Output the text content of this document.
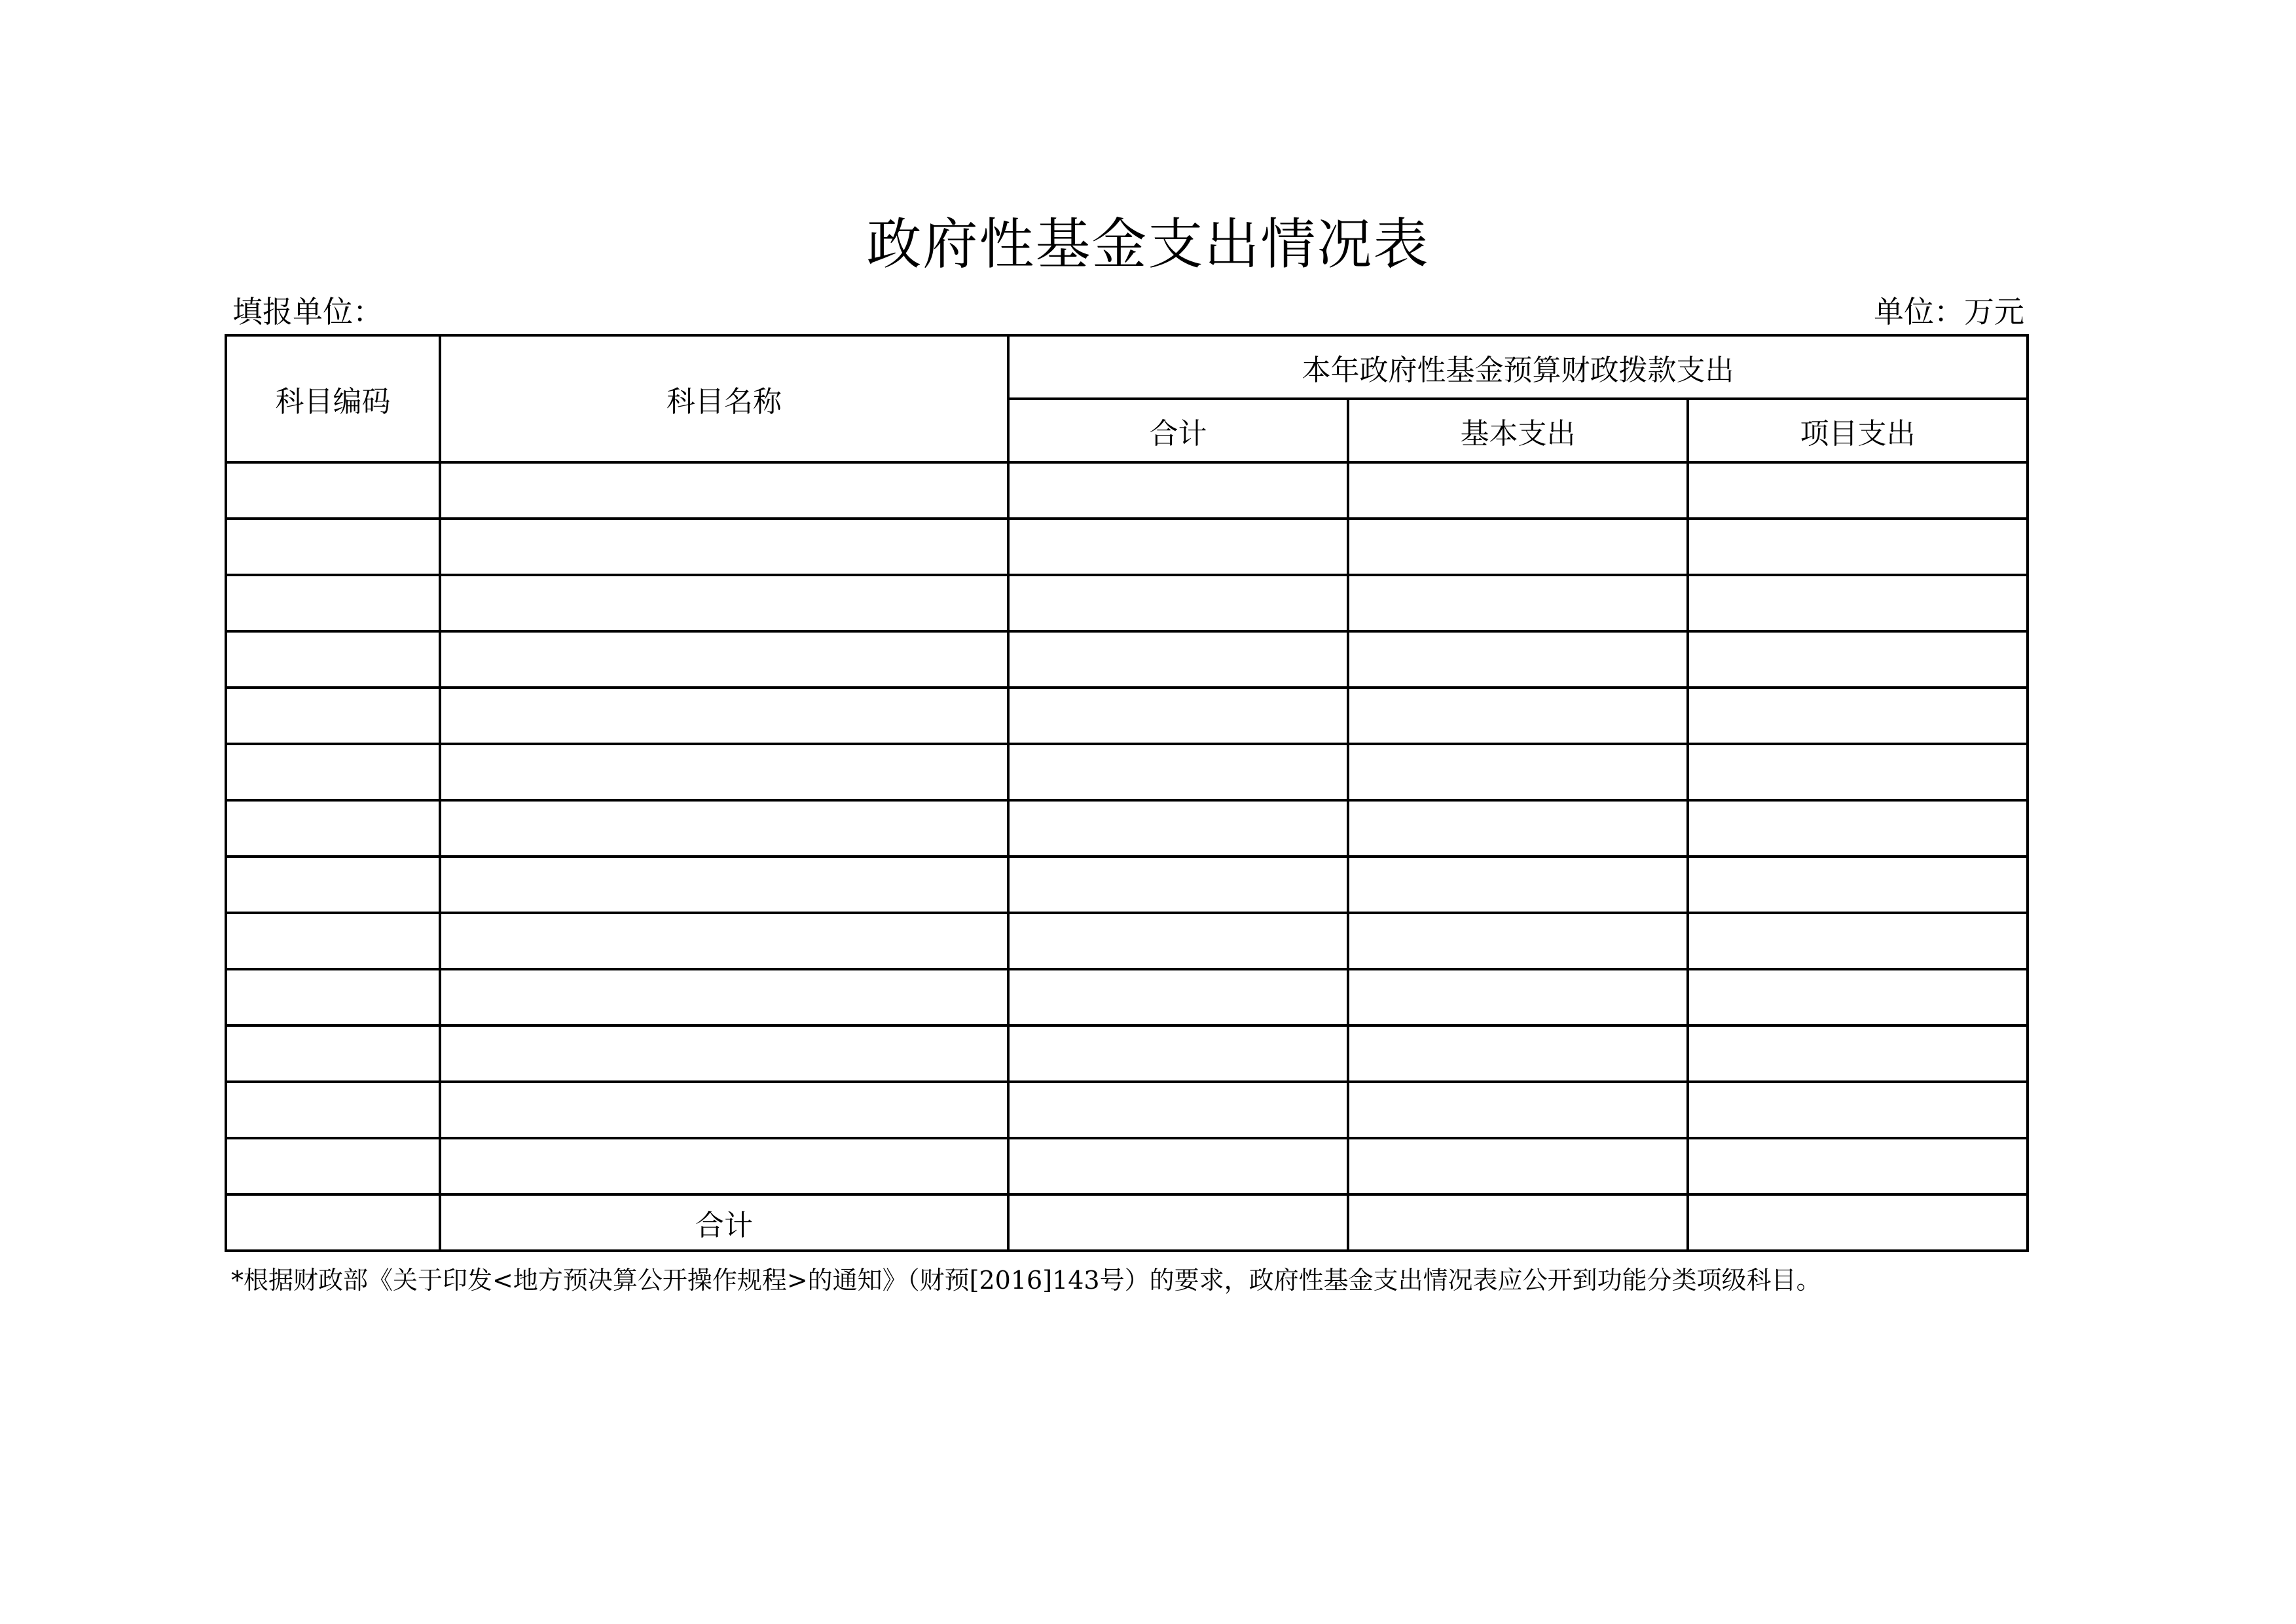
政府性基金支出情况表
填报单位：	单位：万元
科目编码	科目名称	本年政府性基金预算财政拨款支出		
		合计	基本支出	项目支出

	合计			
*根据财政部《关于印发<地方预决算公开操作规程>的通知》（财预[2016]143号）的要求，政府性基金支出情况表应公开到功能分类项级科目。
